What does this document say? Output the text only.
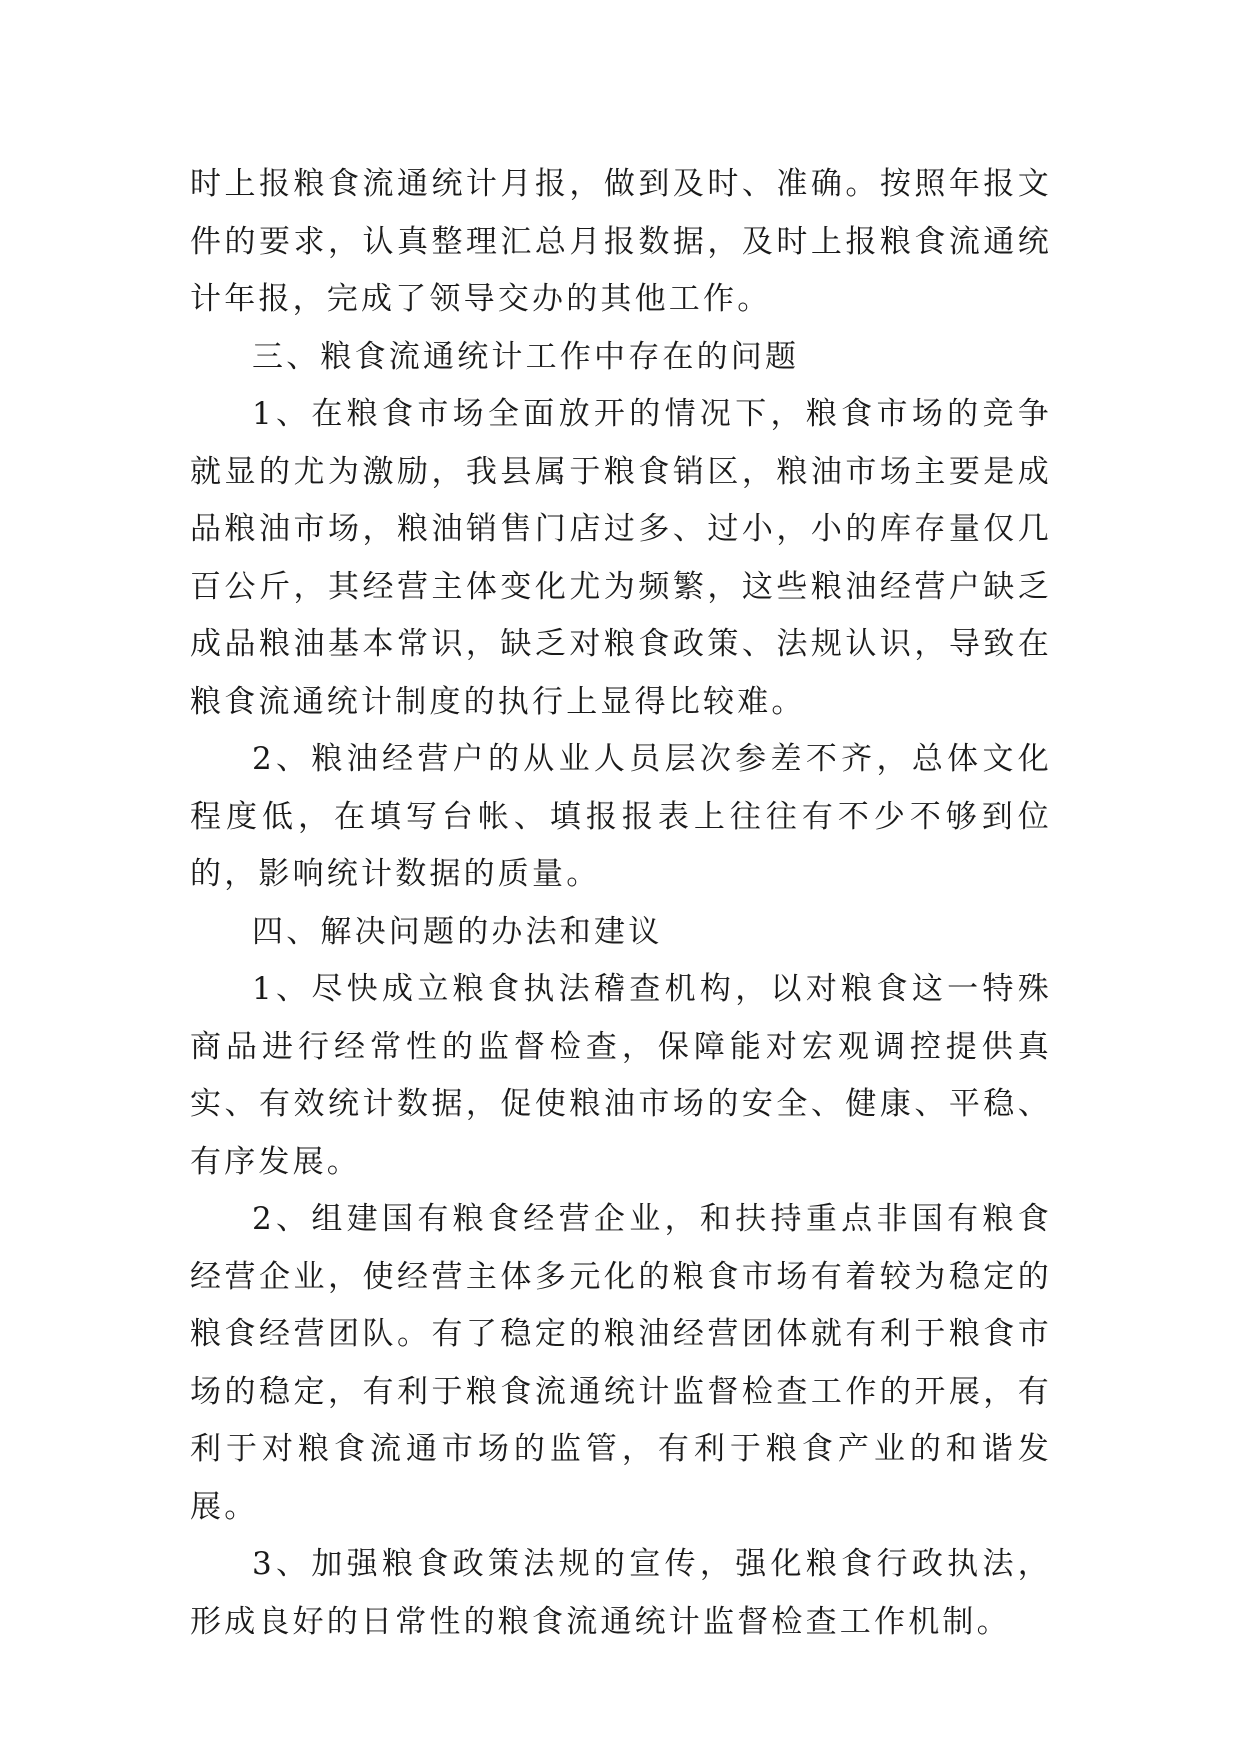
时上报粮食流通统计月报，做到及时、准确。按照年报文件的要求，认真整理汇总月报数据，及时上报粮食流通统计年报，完成了领导交办的其他工作。

三、粮食流通统计工作中存在的问题

1、在粮食市场全面放开的情况下，粮食市场的竞争就显的尤为激励，我县属于粮食销区，粮油市场主要是成品粮油市场，粮油销售门店过多、过小，小的库存量仅几百公斤，其经营主体变化尤为频繁，这些粮油经营户缺乏成品粮油基本常识，缺乏对粮食政策、法规认识，导致在粮食流通统计制度的执行上显得比较难。

2、粮油经营户的从业人员层次参差不齐，总体文化程度低，在填写台帐、填报报表上往往有不少不够到位的，影响统计数据的质量。

四、解决问题的办法和建议

1、尽快成立粮食执法稽查机构，以对粮食这一特殊商品进行经常性的监督检查，保障能对宏观调控提供真实、有效统计数据，促使粮油市场的安全、健康、平稳、有序发展。

2、组建国有粮食经营企业，和扶持重点非国有粮食经营企业，使经营主体多元化的粮食市场有着较为稳定的粮食经营团队。有了稳定的粮油经营团体就有利于粮食市场的稳定，有利于粮食流通统计监督检查工作的开展，有利于对粮食流通市场的监管，有利于粮食产业的和谐发展。

3、加强粮食政策法规的宣传，强化粮食行政执法，形成良好的日常性的粮食流通统计监督检查工作机制。
